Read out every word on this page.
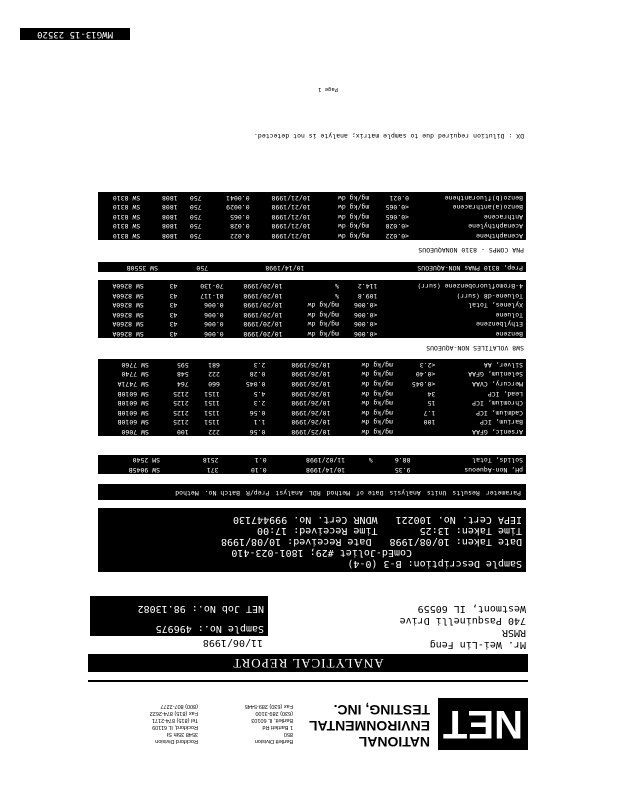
NET
NATIONAL
ENVIRONMENTAL
TESTING, INC.
Bartlett Division
850
1 Bartlett Rd
Bartlett, IL 60103
(630) 289-3100
Fax (630) 289-5445
Rockford Division
3548 35th St
Rockford, IL 61109
Tel (815) 874-2171
Fax (815) 874-2622
(800) 807-2277
ANALYTICAL REPORT
Mr. Wei-Lin Feng
RMSR
740 Pasquinelli Drive
Westmont, IL 60559
11/06/1998
Sample No.: 496975
NET Job No.: 98.13082
Sample Description: B-3 (0-4)
ComEd-Joliet #29; 1801-023-410
Date Taken: 10/08/1998   Date Received: 10/08/1998
Time Taken: 13:25       Time Received: 17:00
IEPA Cert. No. 100221   WDNR Cert. No. 999447130
Parameter	Results	Units	Analysis	Date of	Method	RDL	Analyst	Prep/R	Batch No.	Method
pH, Non-Aqueous	9.35			10/14/1998	0.10		371			SW 9045B
Solids, Total	88.6	%		11/02/1998	0.1		2518			SM 2540
Arsenic, GFAA		mg/kg dw		10/25/1998	0.56		222	100		SW 7060
Barium, ICP	100	mg/kg dw		10/26/1998	1.1		1151	2125		SW 6010B
Cadmium, ICP	1.7	mg/kg dw		10/26/1998	0.56		1151	2125		SW 6010B
Chromium, ICP	15	mg/kg dw		10/26/1998	2.3		1151	2125		SW 6010B
Lead, ICP	34	mg/kg dw		10/26/1998	4.5		1151	2125		SW 6010B
Mercury, CVAA	<0.045	mg/kg dw		10/26/1998	0.045		660	764		SW 7471A
Selenium, GFAA	<0.40	mg/kg dw		10/26/1998	0.28		222	548		SW 7740
Silver, AA	<2.3	mg/kg dw		10/26/1998	2.3		681	595		SW 7760
SW8 VOLATILES NON-AQUEOUS
Benzene	<0.006	mg/kg dw		10/20/1998	0.006		43			SW 8260A
Ethylbenzene	<0.006	mg/kg dw		10/20/1998	0.006		43			SW 8260A
Toluene	<0.006	mg/kg dw		10/20/1998	0.006		43			SW 8260A
Xylenes, Total	<0.006	mg/kg dw		10/20/1998	0.006		43			SW 8260A
Toluene-d8 (surr)	109.8	%		10/20/1998	81-117		43			SW 8260A
4-Bromofluorobenzene (surr)	114.2	%		10/20/1998	70-130		43			SW 8260A
Prep, 8310 PNAs NON-AQUEOUS				10/14/1998			750			SW 3550B
PNA COMPS - 8310 NONAQUEOUS
Acenaphthene	<0.022	mg/kg dw		10/21/1998	0.022		750	1808		SW 8310
Acenaphthylene	<0.028	mg/kg dw		10/21/1998	0.028		750	1808		SW 8310
Anthracene	<0.065	mg/kg dw		10/21/1998	0.065		750	1808		SW 8310
Benzo(a)anthracene	<0.065	mg/kg dw		10/21/1998	0.0029		750	1808		SW 8310
Benzo(b)fluoranthene	0.021	mg/kg dw		10/21/1998	0.0041		750	1808		SW 8310
DX : Dilution required due to sample matrix; analyte is not detected.
Page 1
MWG13-15 23520
